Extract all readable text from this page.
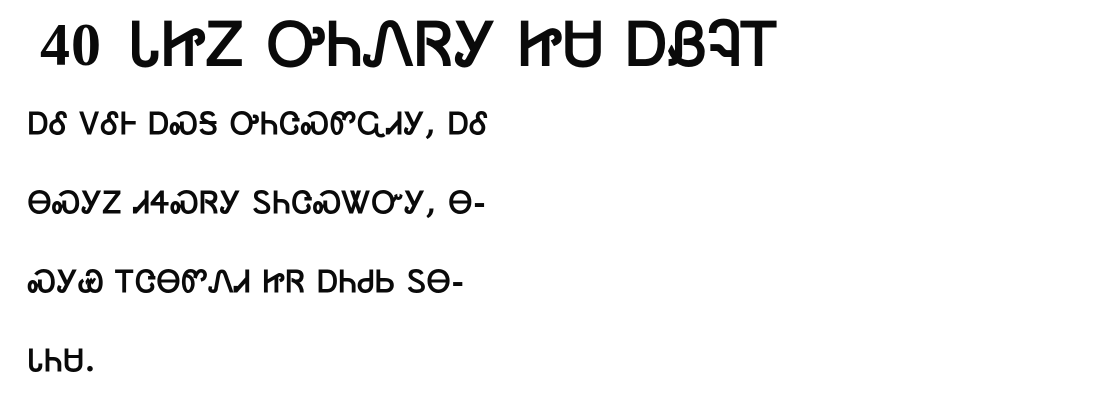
40 ᏓᏥᏃ ᎤᏂᏁᏒᎩ ᏥᏌ ᎠᏰᎸᎢ
ᎠᎴ ᏙᎴᎰ ᎠᏍᎦ ᎤᏂᏣᏍᏛᏩᏗᎩ, ᎠᎴ
ᎾᏍᎩᏃ ᏗᏎᏍᏒᎩ ᏚᏂᏣᏍᏔᏅᎩ, Ꮎ-
ᏍᎩᏯ ᎢᏣᎾᏛᏁᏗ ᏥᏒ ᎠᏂᏧᏏ ᏚᎾ-
ᏓᏂᏌ.
